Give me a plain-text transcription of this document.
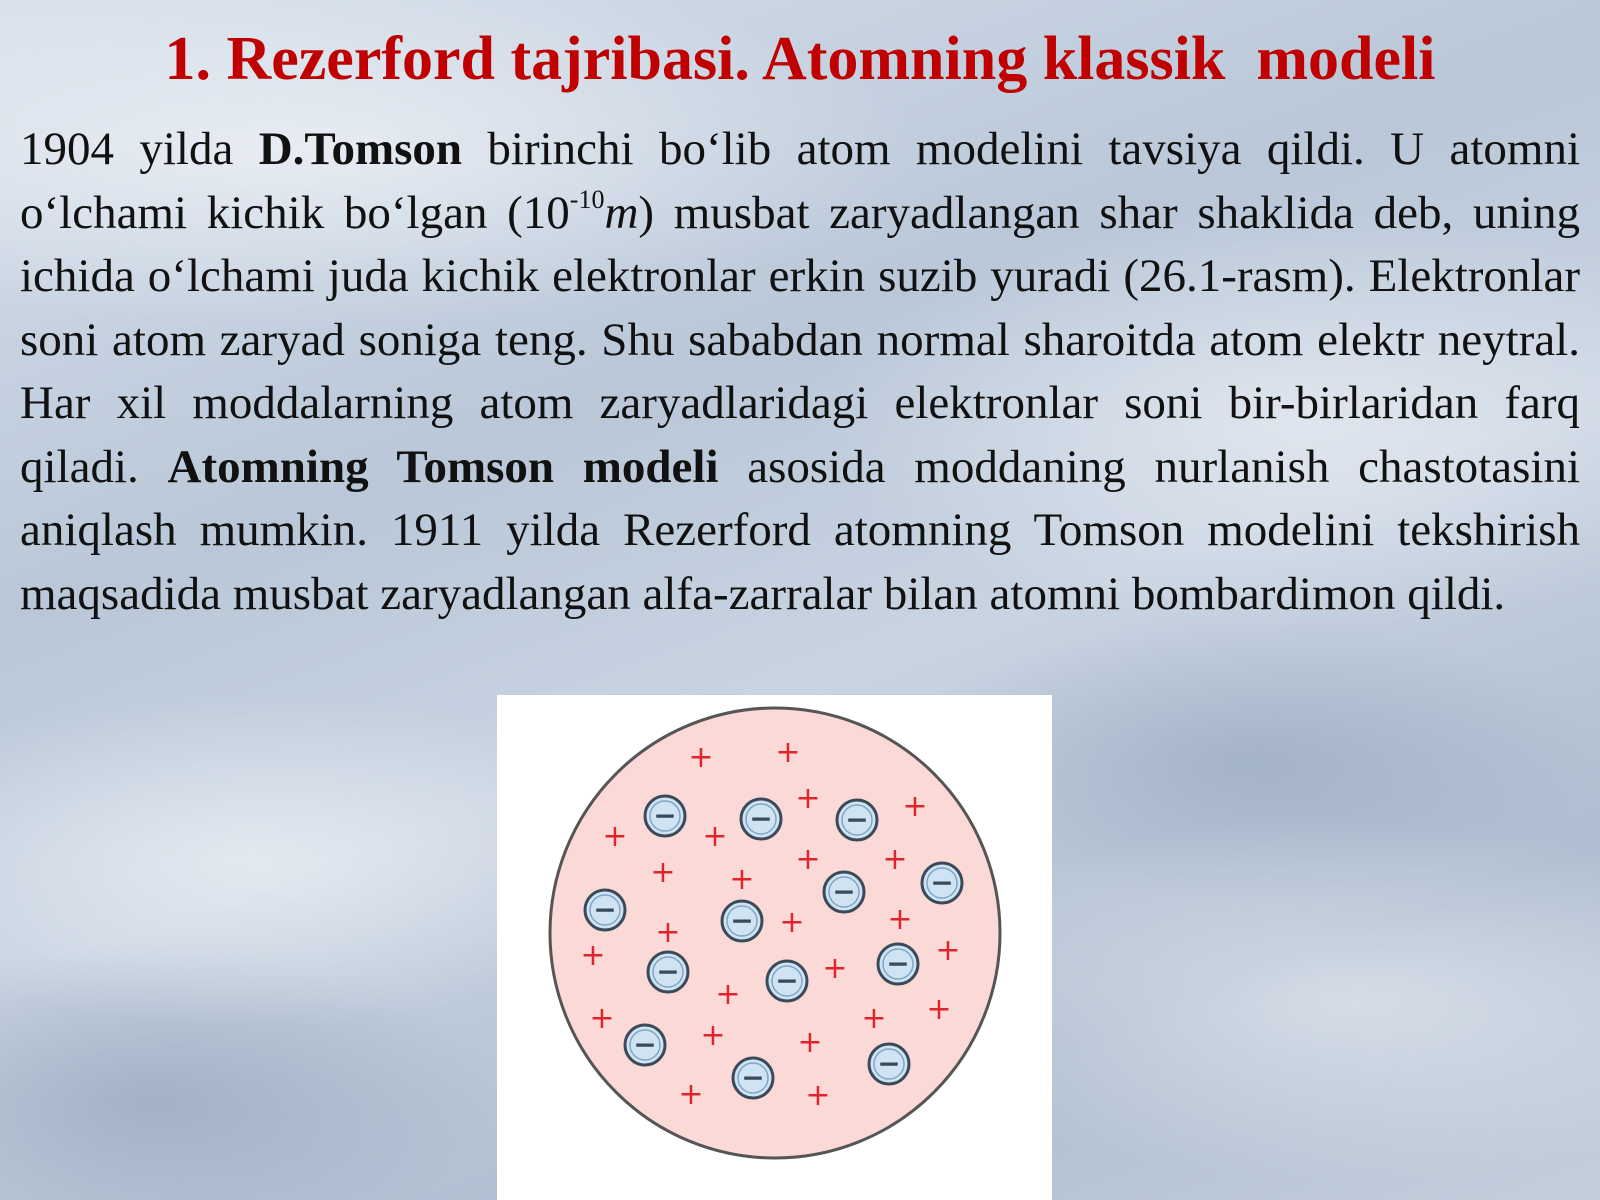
1. Rezerford tajribasi. Atomning klassik  modeli

1904 yilda D.Tomson birinchi bo‘lib atom modelini tavsiya qildi. U atomni o‘lchami kichik bo‘lgan $(10^{-10}m)$ musbat zaryadlangan shar shaklida deb, uning ichida o‘lchami juda kichik elektronlar erkin suzib yuradi (26.1-rasm). Elektronlar soni atom zaryad soniga teng. Shu sababdan normal sharoitda atom elektr neytral. Har xil moddalarning atom zaryadlaridagi elektronlar soni bir-birlaridan farq qiladi. Atomning Tomson modeli asosida moddaning nurlanish chastotasini aniqlash mumkin. 1911 yilda Rezerford atomning Tomson modelini tekshirish maqsadida musbat zaryadlangan alfa-zarralar bilan atomni bombardimon qildi.

+ +
+	+
+ +
+ +
+ +
+	+	+
+	+
+
+
+	+ +
+ +
+	+
−	−	−
−	−
−	−
−	−
−
−
−	−
